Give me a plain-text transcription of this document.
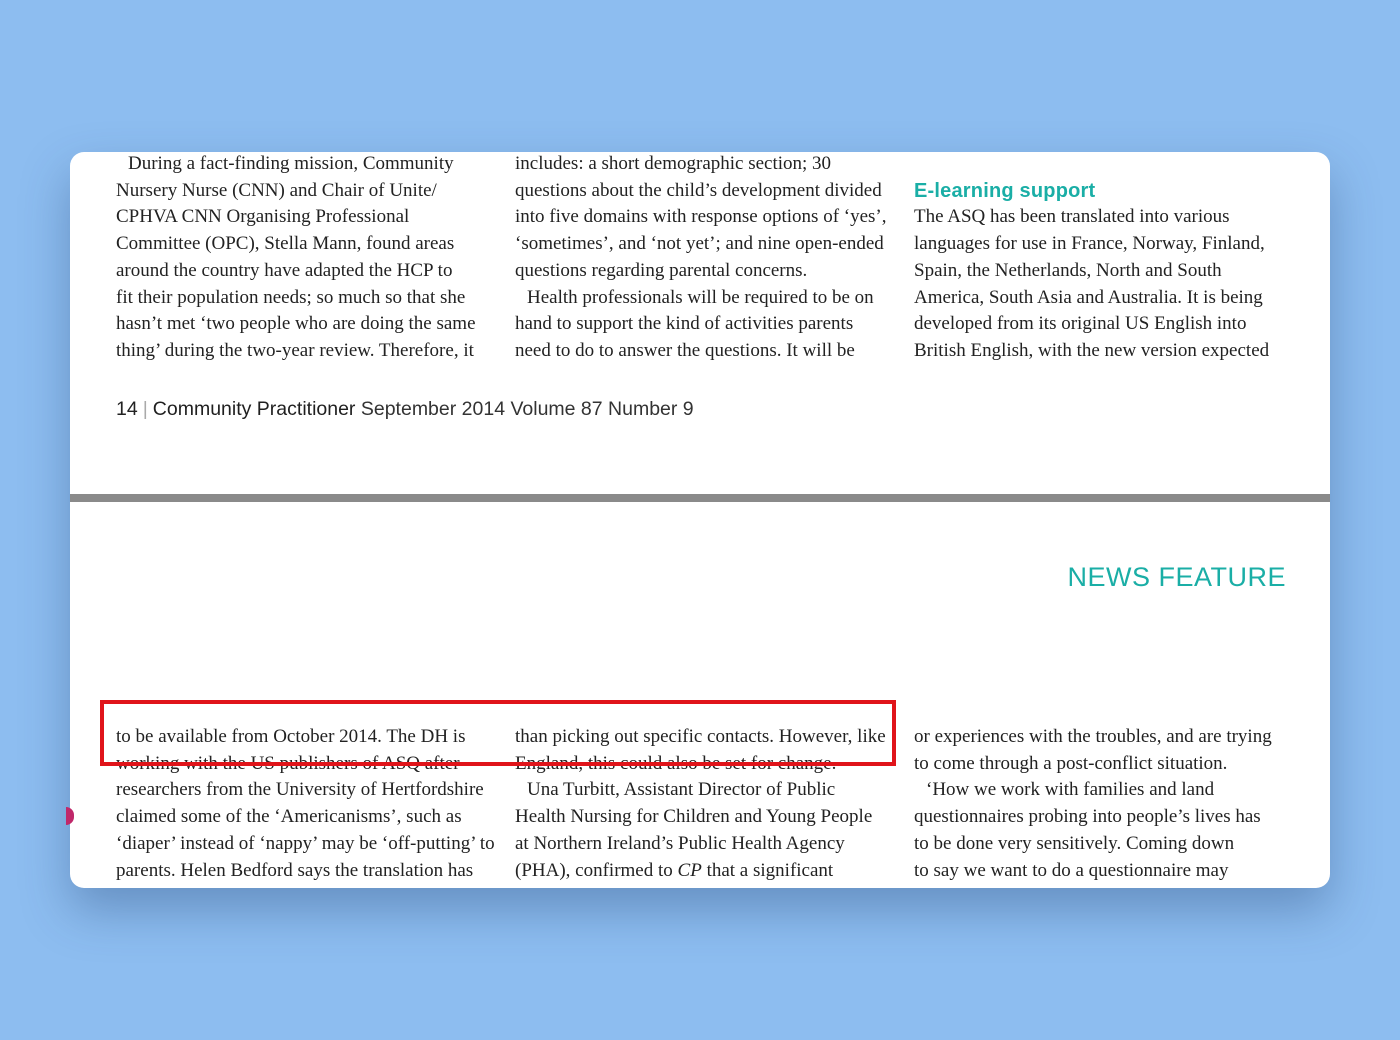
During a fact-finding mission, Community
Nursery Nurse (CNN) and Chair of Unite/
CPHVA CNN Organising Professional
Committee (OPC), Stella Mann, found areas
around the country have adapted the HCP to
fit their population needs; so much so that she
hasn’t met ‘two people who are doing the same
thing’ during the two-year review. Therefore, it
includes: a short demographic section; 30
questions about the child’s development divided
into five domains with response options of ‘yes’,
‘sometimes’, and ‘not yet’; and nine open-ended
questions regarding parental concerns.
Health professionals will be required to be on
hand to support the kind of activities parents
need to do to answer the questions. It will be

E-learning support
The ASQ has been translated into various
languages for use in France, Norway, Finland,
Spain, the Netherlands, North and South
America, South Asia and Australia. It is being
developed from its original US English into
British English, with the new version expected
14 | Community Practitioner September 2014 Volume 87 Number 9
NEWS FEATURE
to be available from October 2014. The DH is
working with the US publishers of ASQ after
researchers from the University of Hertfordshire
claimed some of the ‘Americanisms’, such as
‘diaper’ instead of ‘nappy’ may be ‘off-putting’ to
parents. Helen Bedford says the translation has
than picking out specific contacts. However, like
England, this could also be set for change.
Una Turbitt, Assistant Director of Public
Health Nursing for Children and Young People
at Northern Ireland’s Public Health Agency
(PHA), confirmed to CP that a significant
or experiences with the troubles, and are trying
to come through a post-conflict situation.
‘How we work with families and land
questionnaires probing into people’s lives has
to be done very sensitively. Coming down
to say we want to do a questionnaire may
